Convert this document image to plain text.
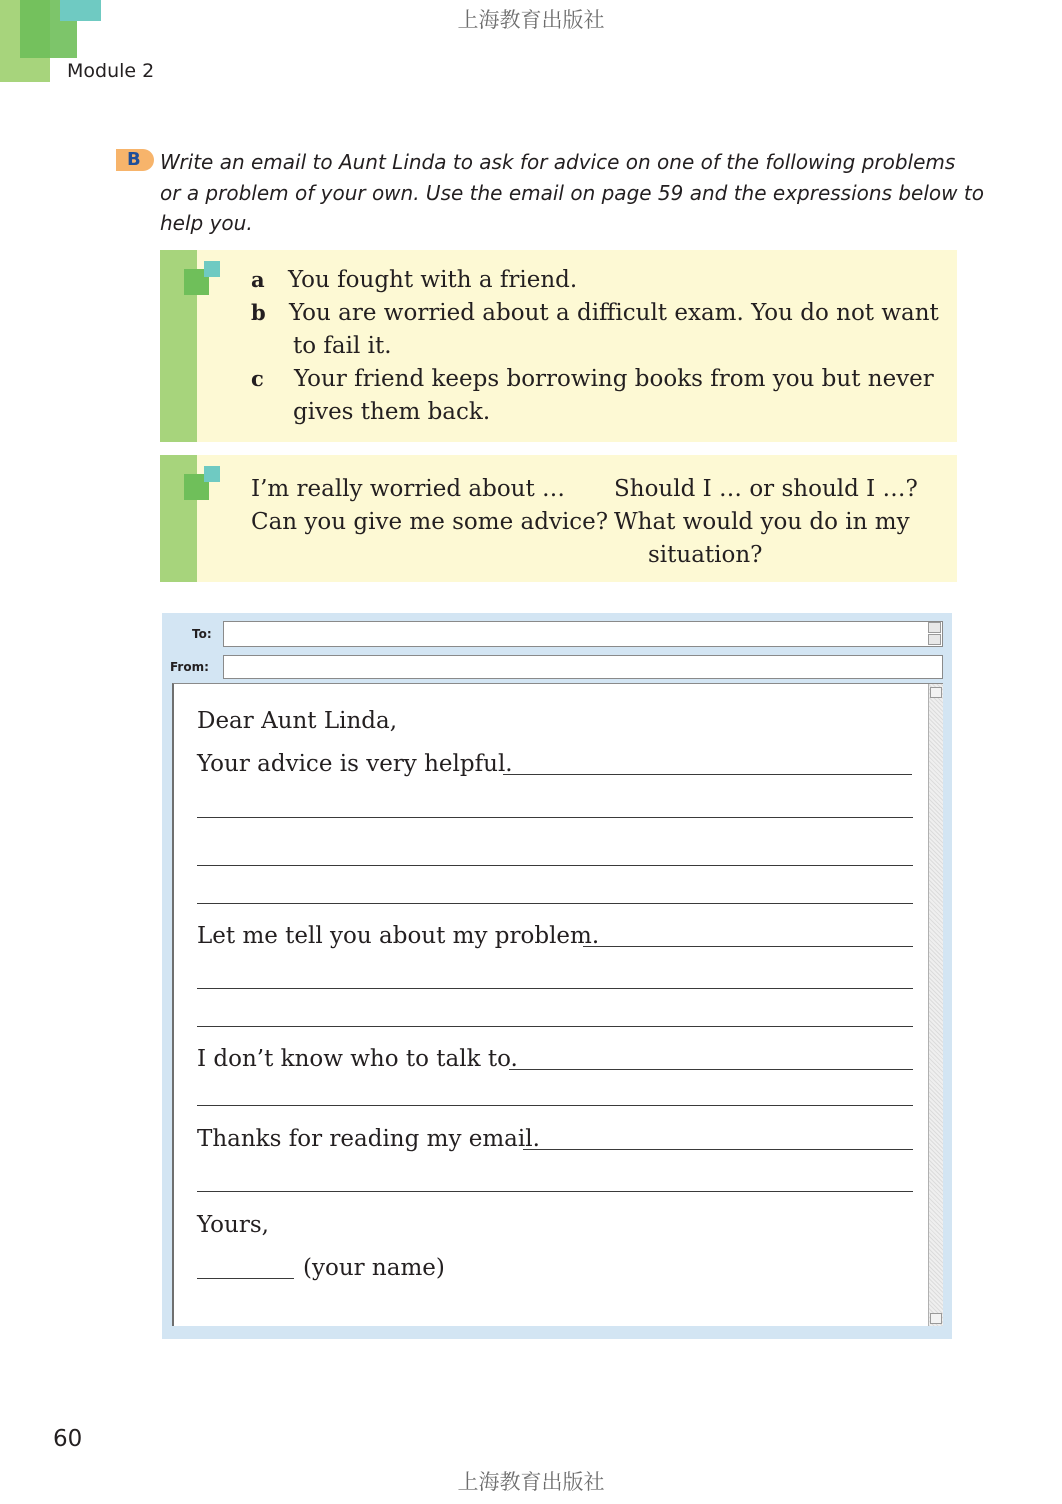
Module 2
上海教育出版社
B Write an email to Aunt Linda to ask for advice on one of the following problems
or a problem of your own. Use the email on page 59 and the expressions below to
help you.
a You fought with a friend.
b You are worried about a difficult exam. You do not want
to fail it.
c Your friend keeps borrowing books from you but never
gives them back.
I’m really worried about …
Can you give me some advice?
Should I … or should I …?
What would you do in my
situation?
To:
From:
Dear Aunt Linda,
Your advice is very helpful.
Let me tell you about my problem.
I don’t know who to talk to.
Thanks for reading my email.
Yours,
(your name)
60
上海教育出版社
